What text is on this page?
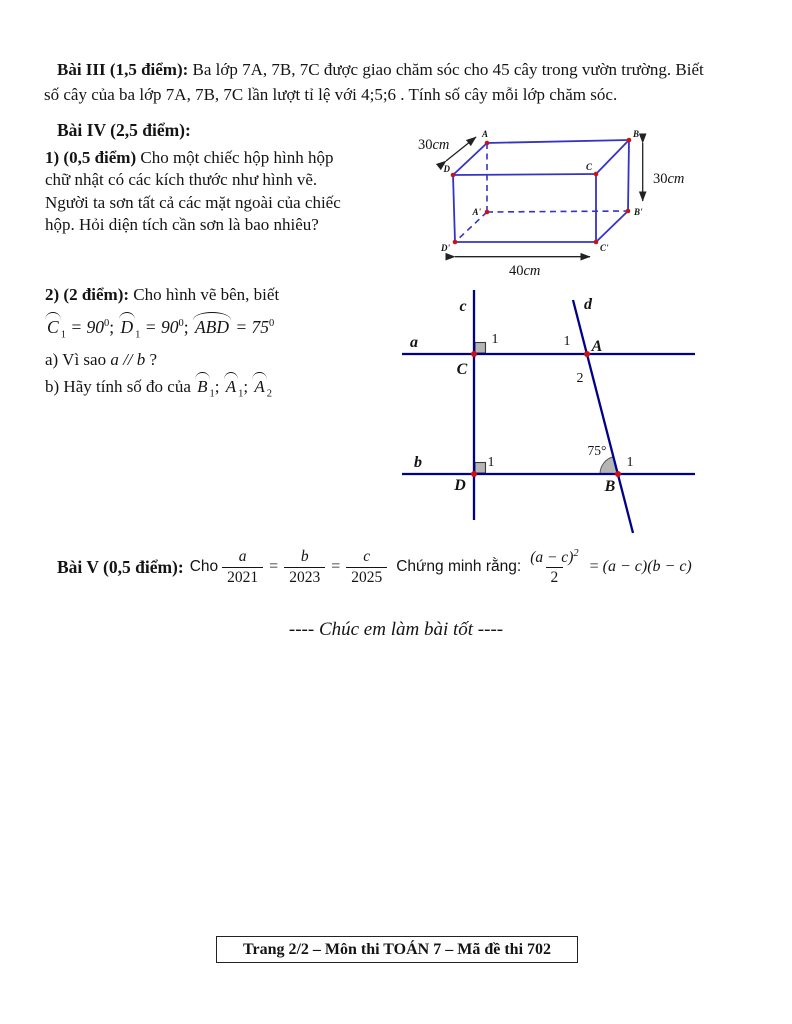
Bài III (1,5 điểm): Ba lớp 7A, 7B, 7C được giao chăm sóc cho 45 cây trong vườn trường. Biết
số cây của ba lớp 7A, 7B, 7C lần lượt tỉ lệ với 4;5;6 . Tính số cây mỗi lớp chăm sóc.
Bài IV (2,5 điểm):
1) (0,5 điểm) Cho một chiếc hộp hình hộp
chữ nhật có các kích thước như hình vẽ.
Người ta sơn tất cả các mặt ngoài của chiếc
hộp. Hỏi diện tích cần sơn là bao nhiêu?
A	B
C
D
A'	B'
C'
D'
30cm
30cm
40cm
2) (2 điểm): Cho hình vẽ bên, biết
C $_1 = 90^0$; D $_1 = 90^0$; ABD = $75^0$
a) Vì sao a // b ?
b) Hãy tính số đo của B $_1$; A $_1$; A $_2$
c	d
a	1	1 A
C
2
b	1
75°
1
D	B
Bài V (0,5 điểm): Cho $\frac{a}{2021} = \frac{b}{2023} = \frac{c}{2025}$ Chứng minh rằng: $\frac{(a - c)^2}{2} = (a - c)(b - c)$
---- Chúc em làm bài tốt ----
Trang 2/2 – Môn thi TOÁN 7 – Mã đề thi 702
